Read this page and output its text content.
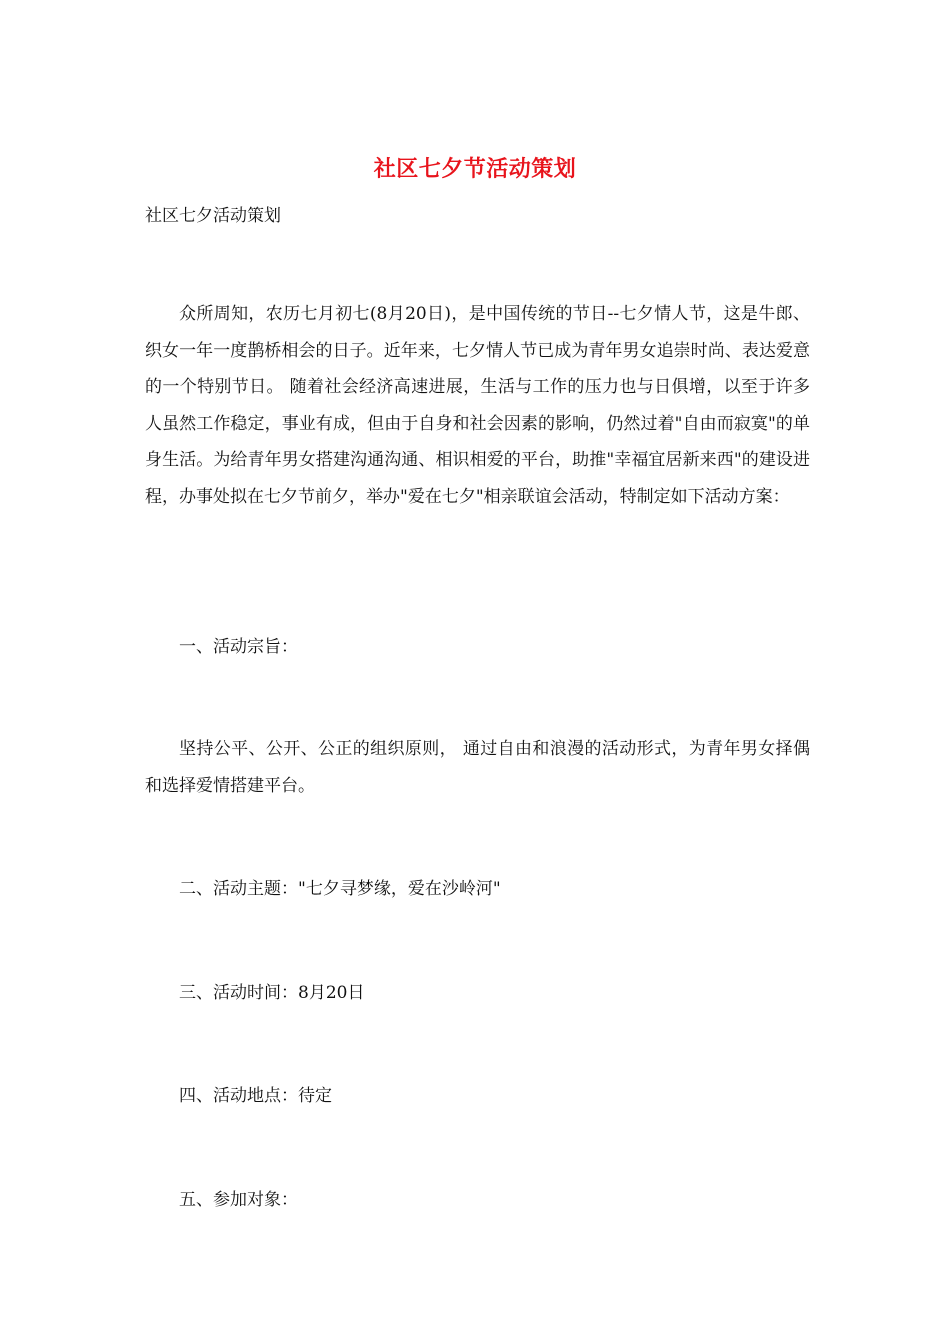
社区七夕节活动策划
社区七夕活动策划

众所周知，农历七月初七(8月20日)，是中国传统的节日--七夕情人节，这是牛郎、织女一年一度鹊桥相会的日子。近年来，七夕情人节已成为青年男女追崇时尚、表达爱意的一个特别节日。 随着社会经济高速进展，生活与工作的压力也与日俱增，以至于许多人虽然工作稳定，事业有成，但由于自身和社会因素的影响，仍然过着"自由而寂寞"的单身生活。为给青年男女搭建沟通沟通、相识相爱的平台，助推"幸福宜居新来西"的建设进程，办事处拟在七夕节前夕，举办"爱在七夕"相亲联谊会活动，特制定如下活动方案：

一、活动宗旨：

坚持公平、公开、公正的组织原则， 通过自由和浪漫的活动形式，为青年男女择偶和选择爱情搭建平台。

二、活动主题："七夕寻梦缘，爱在沙岭河"
三、活动时间：8月20日
四、活动地点：待定
五、参加对象：
